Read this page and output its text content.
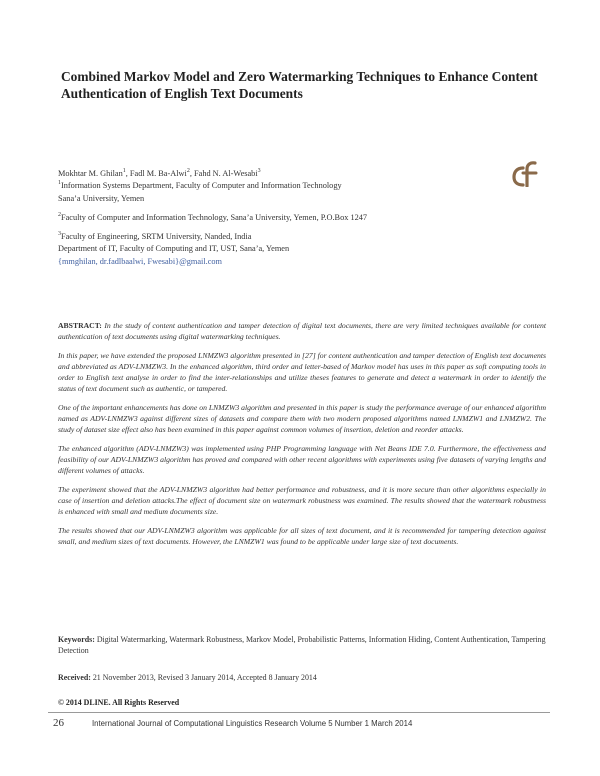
Combined Markov Model and Zero Watermarking Techniques to Enhance Content
Authentication of English Text Documents
Mokhtar M. Ghilan$^1$, Fadl M. Ba-Alwi$^2$, Fahd N. Al-Wesabi$^3$
$^1$Information Systems Department, Faculty of Computer and Information Technology
Sana’a University, Yemen
$^2$Faculty of Computer and Information Technology, Sana’a University, Yemen, P.O.Box 1247
$^3$Faculty of Engineering, SRTM University, Nanded, India
Department of IT, Faculty of Computing and IT, UST, Sana’a, Yemen
{mmghilan, dr.fadlbaalwi, Fwesabi}@gmail.com

ABSTRACT: In the study of content authentication and tamper detection of digital text documents, there are very limited techniques available for content authentication of text documents using digital watermarking techniques.

In this paper, we have extended the proposed LNMZW3 algorithm presented in [27] for content authentication and tamper detection of English text documents and abbreviated as ADV-LNMZW3. In the enhanced algorithm, third order and letter-based of Markov model has uses in this paper as soft computing tools in order to English text analyse in order to find the inter-relationships and utilize theses features to generate and detect a watermark in order to identify the status of text document such as authentic, or tampered.

One of the important enhancements has done on LNMZW3 algorithm and presented in this paper is study the performance average of our enhanced algorithm named as ADV-LNMZW3 against different sizes of datasets and compare them with two modern proposed algorithms named LNMZW1 and LNMZW2. The study of dataset size effect also has been examined in this paper against common volumes of insertion, deletion and reorder attacks.

The enhanced algorithm (ADV-LNMZW3) was implemented using PHP Programming language with Net Beans IDE 7.0. Furthermore, the effectiveness and feasibility of our ADV-LNMZW3 algorithm has proved and compared with other recent algorithms with experiments using five datasets of varying lengths and different volumes of attacks.

The experiment showed that the ADV-LNMZW3 algorithm had better performance and robustness, and it is more secure than other algorithms especially in case of insertion and deletion attacks.The effect of document size on watermark robustness was examined. The results showed that the watermark robustness is enhanced with small and medium documents size.

The results showed that our ADV-LNMZW3 algorithm was applicable for all sizes of text document, and it is recommended for tampering detection against small, and medium sizes of text documents. However, the LNMZW1 was found to be applicable under large size of text documents.

Keywords: Digital Watermarking, Watermark Robustness, Markov Model, Probabilistic Patterns, Information Hiding, Content Authentication, Tampering Detection
Received: 21 November 2013, Revised 3 January 2014, Accepted 8 January 2014
© 2014 DLINE. All Rights Reserved
26	International Journal of Computational Linguistics Research Volume 5 Number 1 March 2014
